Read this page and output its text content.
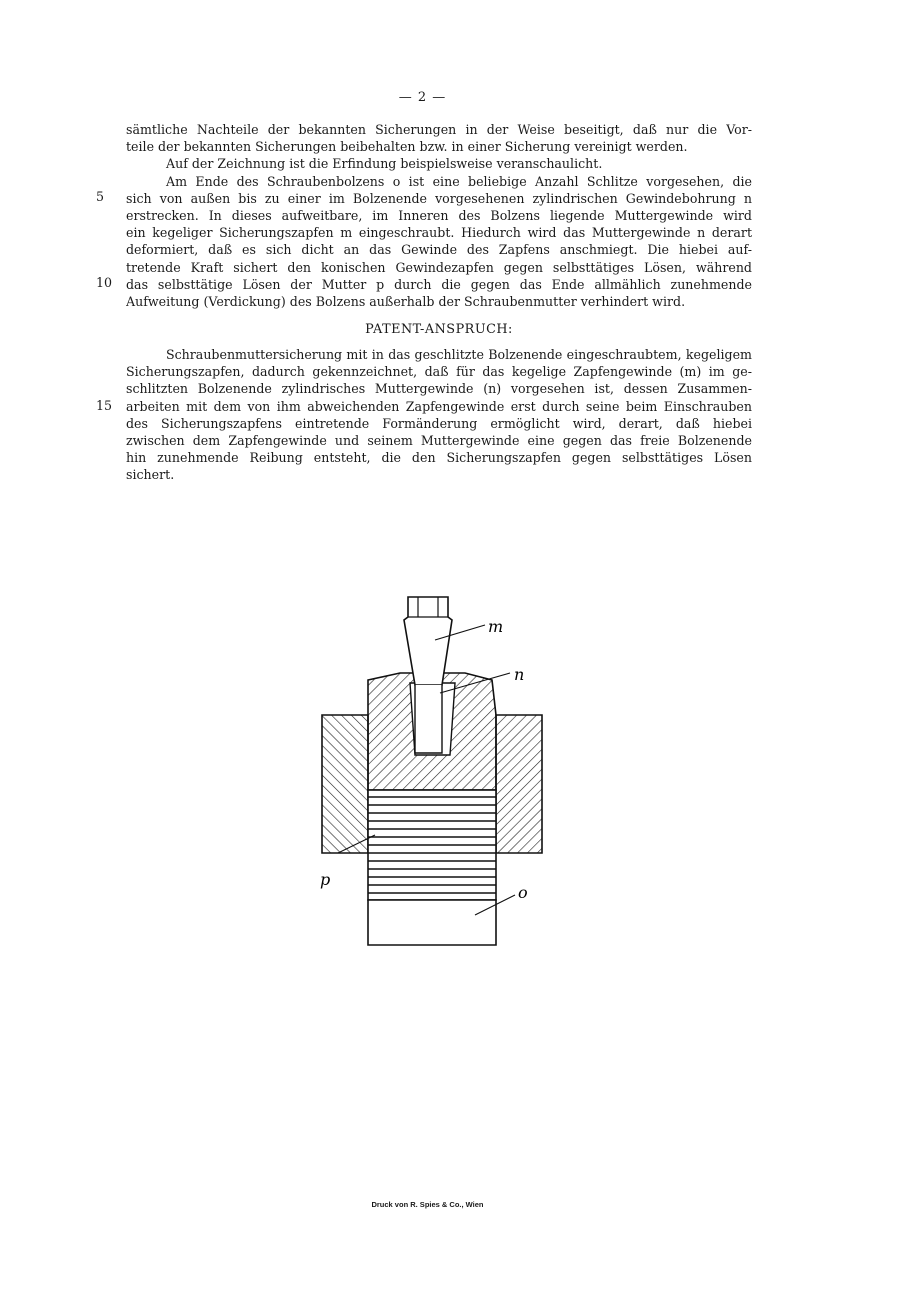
— 2 —
sämtliche Nachteile der bekannten Sicherungen in der Weise beseitigt, daß nur die Vor-
teile der bekannten Sicherungen beibehalten bzw. in einer Sicherung vereinigt werden.
Auf der Zeichnung ist die Erfindung beispielsweise veranschaulicht.
Am Ende des Schraubenbolzens o ist eine beliebige Anzahl Schlitze vorgesehen, die
sich von außen bis zu einer im Bolzenende vorgesehenen zylindrischen Gewindebohrung n
erstrecken. In dieses aufweitbare, im Inneren des Bolzens liegende Muttergewinde wird
ein kegeliger Sicherungszapfen m eingeschraubt. Hiedurch wird das Muttergewinde n derart
deformiert, daß es sich dicht an das Gewinde des Zapfens anschmiegt. Die hiebei auf-
tretende Kraft sichert den konischen Gewindezapfen gegen selbsttätiges Lösen, während
das selbsttätige Lösen der Mutter p durch die gegen das Ende allmählich zunehmende
Aufweitung (Verdickung) des Bolzens außerhalb der Schraubenmutter verhindert wird.
5
10
15
PATENT-ANSPRUCH:
Schraubenmuttersicherung mit in das geschlitzte Bolzenende eingeschraubtem, kegeligem
Sicherungszapfen, dadurch gekennzeichnet, daß für das kegelige Zapfengewinde (m) im ge-
schlitzten Bolzenende zylindrisches Muttergewinde (n) vorgesehen ist, dessen Zusammen-
arbeiten mit dem von ihm abweichenden Zapfengewinde erst durch seine beim Einschrauben
des Sicherungszapfens eintretende Formänderung ermöglicht wird, derart, daß hiebei
zwischen dem Zapfengewinde und seinem Muttergewinde eine gegen das freie Bolzenende
hin zunehmende Reibung entsteht, die den Sicherungszapfen gegen selbsttätiges Lösen
sichert.
m
n
p
o
Druck von R. Spies & Co., Wien
